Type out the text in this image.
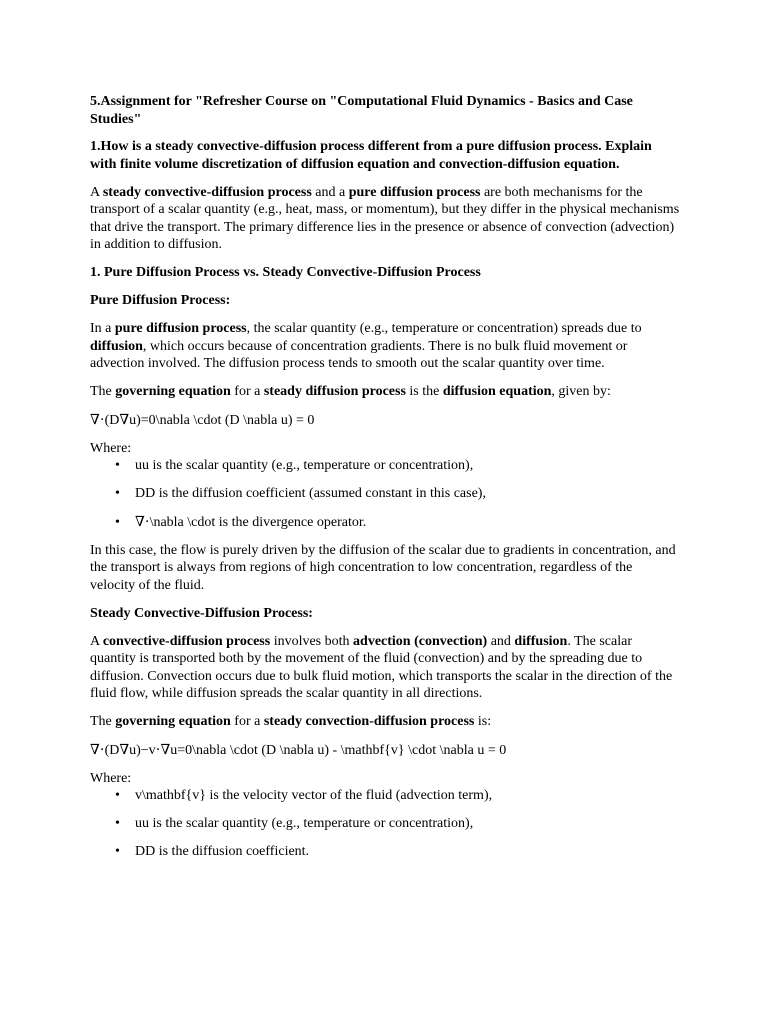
5.Assignment for "Refresher Course on "Computational Fluid Dynamics - Basics and Case Studies"

1.How is a steady convective-diffusion process different from a pure diffusion process. Explain with finite volume discretization of diffusion equation and convection-diffusion equation.

A steady convective-diffusion process and a pure diffusion process are both mechanisms for the transport of a scalar quantity (e.g., heat, mass, or momentum), but they differ in the physical mechanisms that drive the transport. The primary difference lies in the presence or absence of convection (advection) in addition to diffusion.

1. Pure Diffusion Process vs. Steady Convective-Diffusion Process

Pure Diffusion Process:

In a pure diffusion process, the scalar quantity (e.g., temperature or concentration) spreads due to diffusion, which occurs because of concentration gradients. There is no bulk fluid movement or advection involved. The diffusion process tends to smooth out the scalar quantity over time.

The governing equation for a steady diffusion process is the diffusion equation, given by:

∇⋅(D∇u)=0\nabla \cdot (D \nabla u) = 0

Where:

• uu is the scalar quantity (e.g., temperature or concentration),
• DD is the diffusion coefficient (assumed constant in this case),
• ∇⋅\nabla \cdot is the divergence operator.

In this case, the flow is purely driven by the diffusion of the scalar due to gradients in concentration, and the transport is always from regions of high concentration to low concentration, regardless of the velocity of the fluid.

Steady Convective-Diffusion Process:

A convective-diffusion process involves both advection (convection) and diffusion. The scalar quantity is transported both by the movement of the fluid (convection) and by the spreading due to diffusion. Convection occurs due to bulk fluid motion, which transports the scalar in the direction of the fluid flow, while diffusion spreads the scalar quantity in all directions.

The governing equation for a steady convection-diffusion process is:

∇⋅(D∇u)−v⋅∇u=0\nabla \cdot (D \nabla u) - \mathbf{v} \cdot \nabla u = 0

Where:

• v\mathbf{v} is the velocity vector of the fluid (advection term),
• uu is the scalar quantity (e.g., temperature or concentration),
• DD is the diffusion coefficient.
